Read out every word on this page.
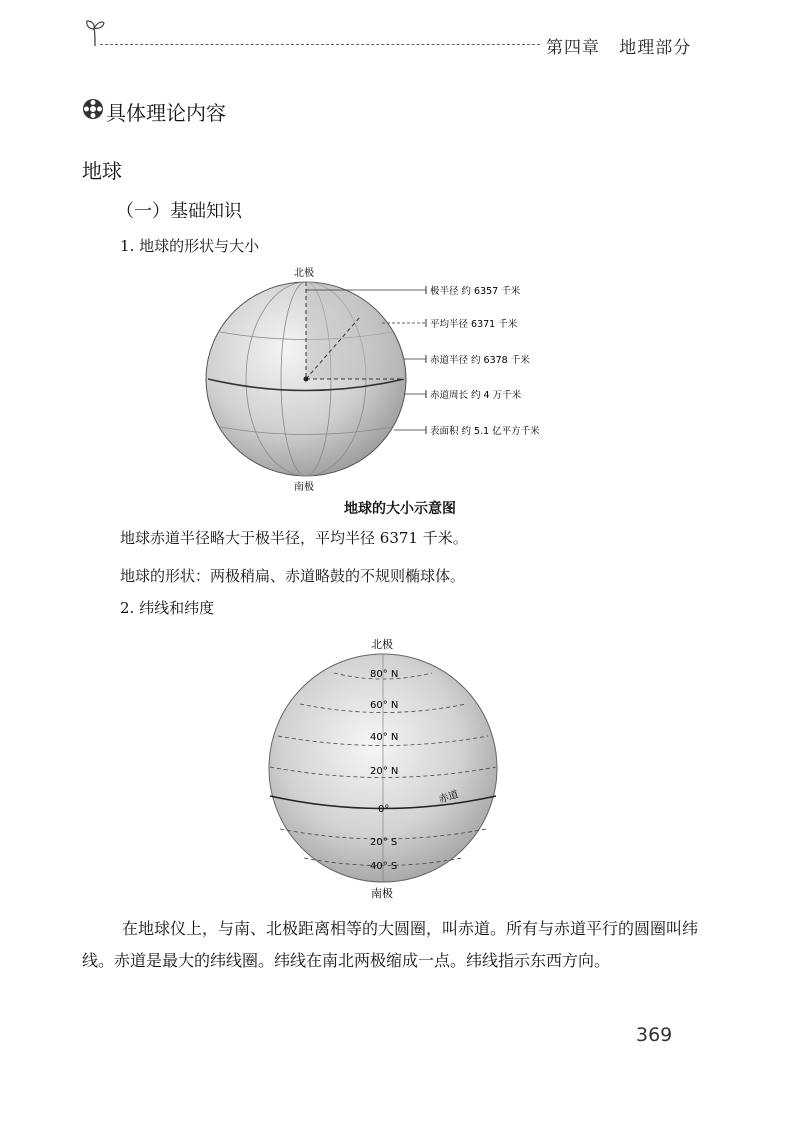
第四章 地理部分
具体理论内容
地球
（一）基础知识
1. 地球的形状与大小
北极
南极
极半径 约 6357 千米
平均半径 6371 千米
赤道半径 约 6378 千米
赤道周长 约 4 万千米
表面积 约 5.1 亿平方千米
地球的大小示意图
地球赤道半径略大于极半径，平均半径 6371 千米。
地球的形状：两极稍扁、赤道略鼓的不规则椭球体。
2. 纬线和纬度
北极
南极
80° N
60° N
40° N
20° N
0°
20° S
40° S
赤道
在地球仪上，与南、北极距离相等的大圆圈，叫赤道。所有与赤道平行的圆圈叫纬线。赤道是最大的纬线圈。纬线在南北两极缩成一点。纬线指示东西方向。
369
